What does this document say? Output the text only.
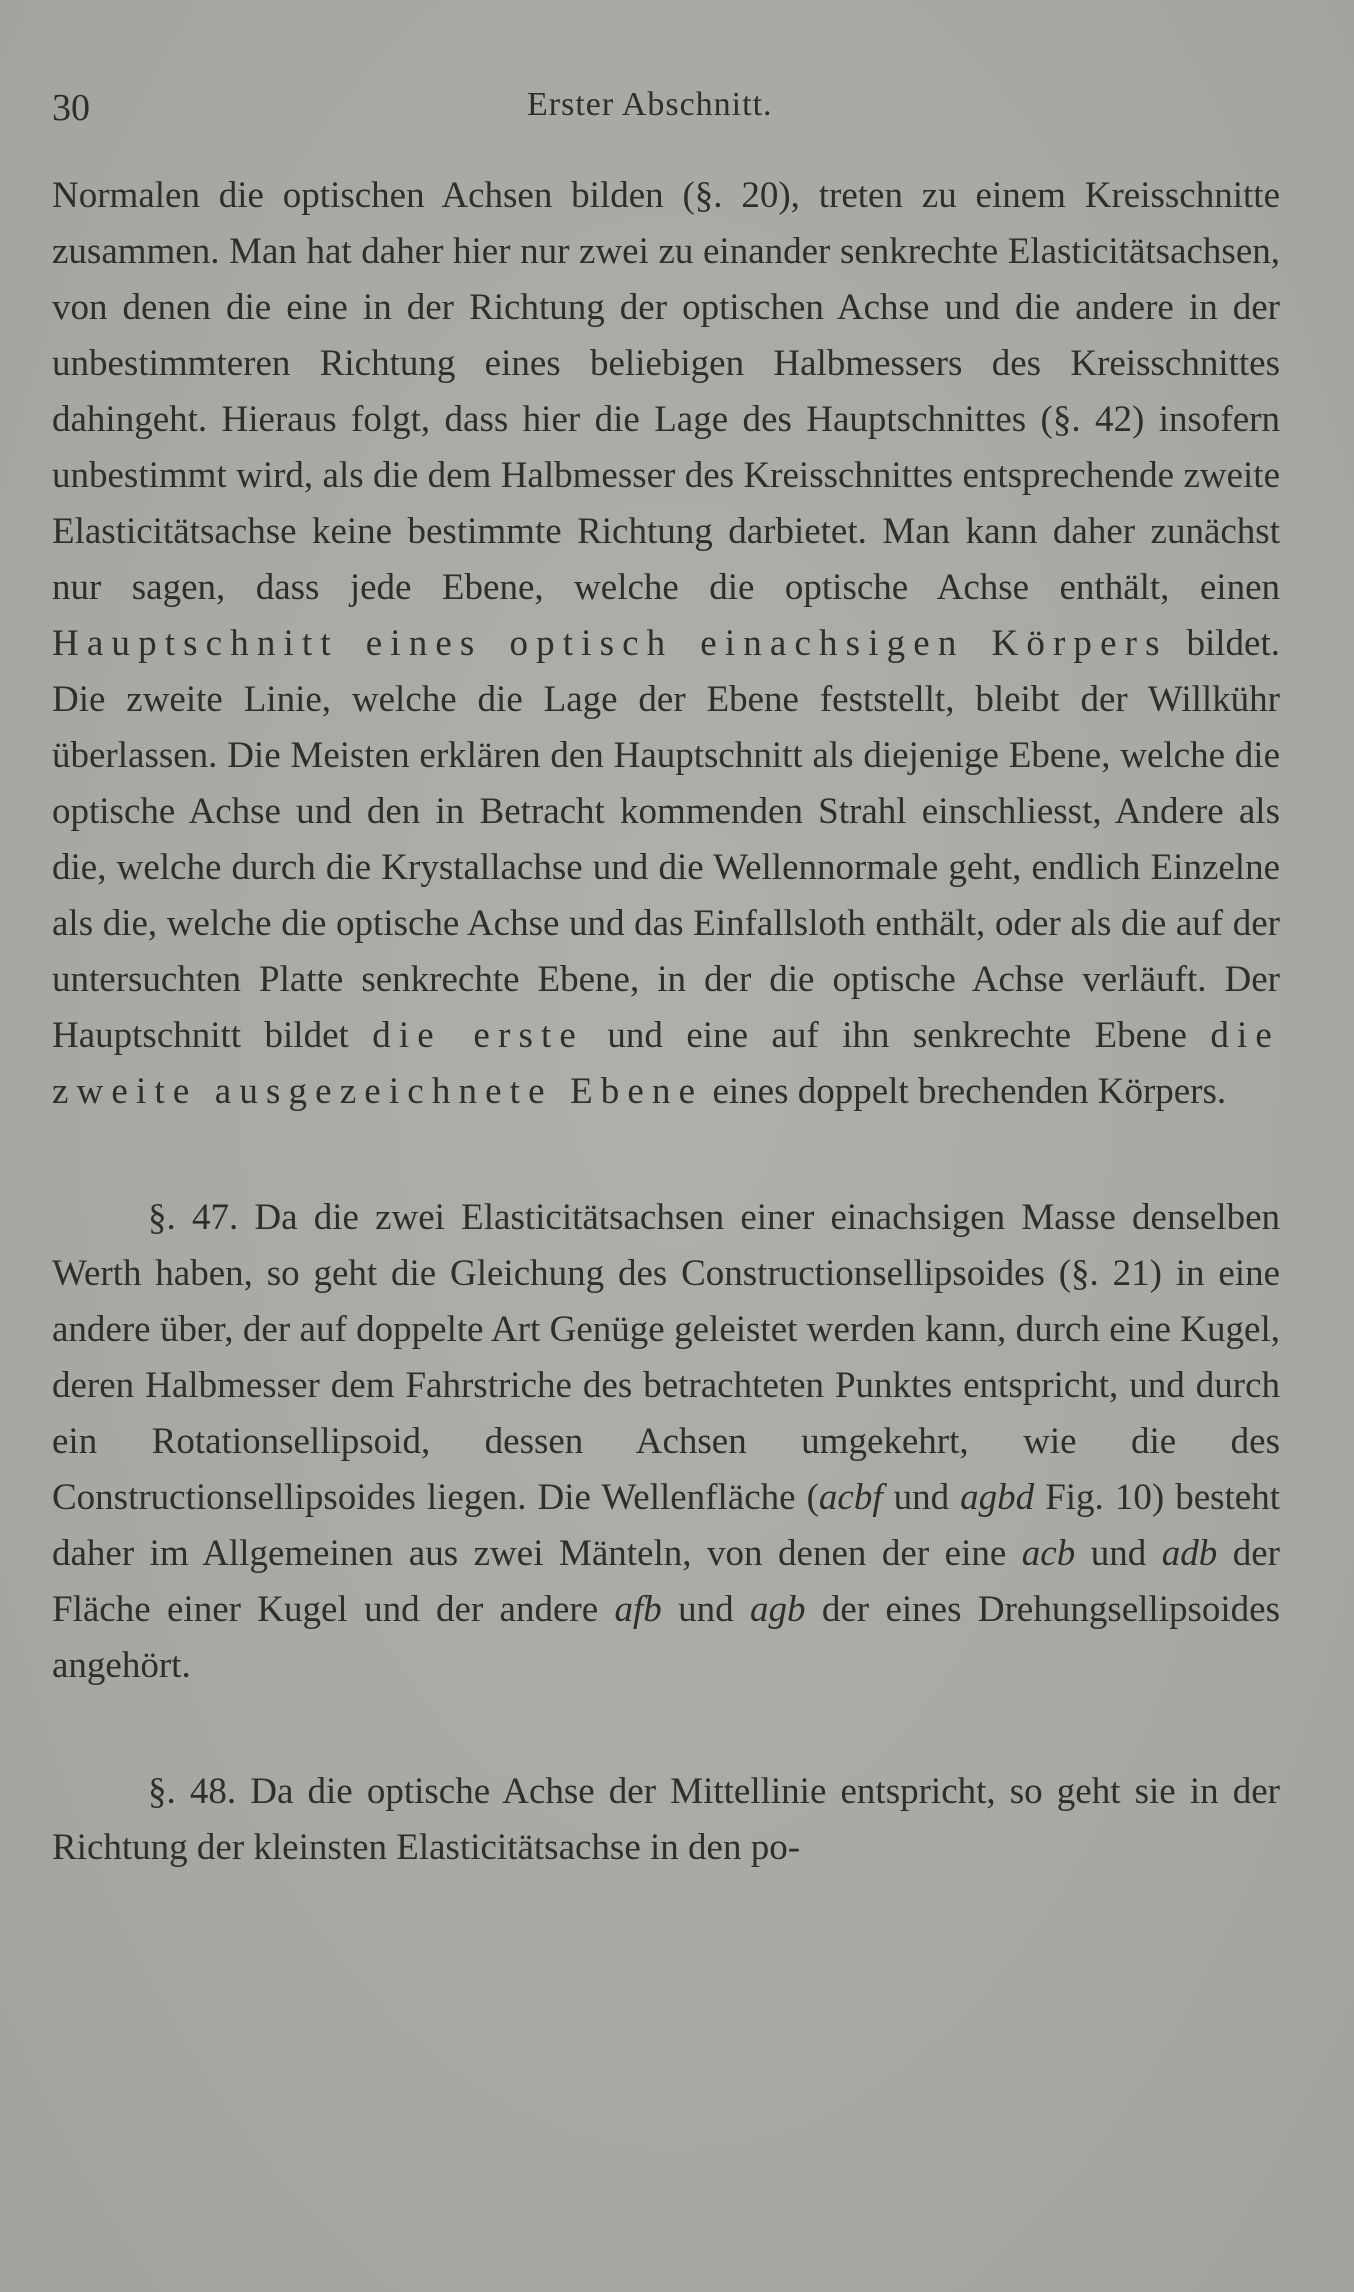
30	Erster Abschnitt.

Normalen die optischen Achsen bilden (§. 20), treten zu einem Kreisschnitte zusammen. Man hat daher hier nur zwei zu einander senkrechte Elasticitätsachsen, von denen die eine in der Richtung der optischen Achse und die andere in der unbestimmteren Richtung eines beliebigen Halbmessers des Kreisschnittes dahingeht. Hieraus folgt, dass hier die Lage des Hauptschnittes (§. 42) insofern unbestimmt wird, als die dem Halbmesser des Kreisschnittes entsprechende zweite Elasticitätsachse keine bestimmte Richtung darbietet. Man kann daher zunächst nur sagen, dass jede Ebene, welche die optische Achse enthält, einen Hauptschnitt eines optisch einachsigen Körpers bildet. Die zweite Linie, welche die Lage der Ebene feststellt, bleibt der Willkühr überlassen. Die Meisten erklären den Hauptschnitt als diejenige Ebene, welche die optische Achse und den in Betracht kommenden Strahl einschliesst, Andere als die, welche durch die Krystallachse und die Wellennormale geht, endlich Einzelne als die, welche die optische Achse und das Einfallsloth enthält, oder als die auf der untersuchten Platte senkrechte Ebene, in der die optische Achse verläuft. Der Hauptschnitt bildet die erste und eine auf ihn senkrechte Ebene die zweite ausgezeichnete Ebene eines doppelt brechenden Körpers.

§. 47. Da die zwei Elasticitätsachsen einer einachsigen Masse denselben Werth haben, so geht die Gleichung des Constructionsellipsoides (§. 21) in eine andere über, der auf doppelte Art Genüge geleistet werden kann, durch eine Kugel, deren Halbmesser dem Fahrstriche des betrachteten Punktes entspricht, und durch ein Rotationsellipsoid, dessen Achsen umgekehrt, wie die des Constructionsellipsoides liegen. Die Wellenfläche (acbf und agbd Fig. 10) besteht daher im Allgemeinen aus zwei Mänteln, von denen der eine acb und adb der Fläche einer Kugel und der andere afb und agb der eines Drehungsellipsoides angehört.

§. 48. Da die optische Achse der Mittellinie entspricht, so geht sie in der Richtung der kleinsten Elasticitätsachse in den po-
